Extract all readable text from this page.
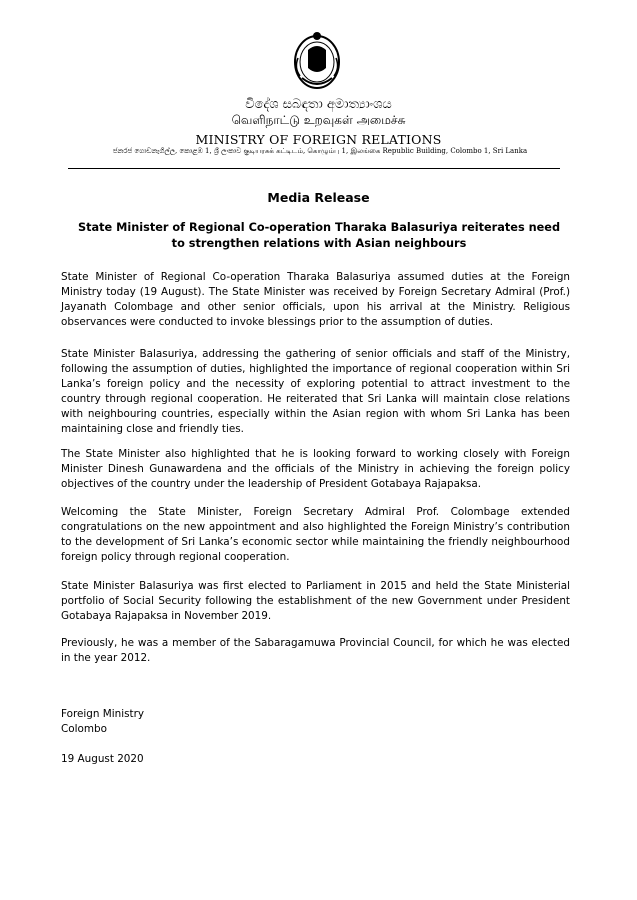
විදේශ සබඳතා අමාත්‍යාංශය
வெளிநாட்டு உறவுகள் அமைச்சு
MINISTRY OF FOREIGN RELATIONS
ජනරජ ගොඩනැගිල්ල, කොළඹ 1, ශ්‍රී ලංකාව குடியரசுக் கட்டிடம், கொழும்பு 1, இலங்கை Republic Building, Colombo 1, Sri Lanka
Media Release
State Minister of Regional Co-operation Tharaka Balasuriya reiterates need to strengthen relations with Asian neighbours

State Minister of Regional Co-operation Tharaka Balasuriya assumed duties at the Foreign Ministry today (19 August). The State Minister was received by Foreign Secretary Admiral (Prof.) Jayanath Colombage and other senior officials, upon his arrival at the Ministry. Religious observances were conducted to invoke blessings prior to the assumption of duties.

State Minister Balasuriya, addressing the gathering of senior officials and staff of the Ministry, following the assumption of duties, highlighted the importance of regional cooperation within Sri Lanka’s foreign policy and the necessity of exploring potential to attract investment to the country through regional cooperation. He reiterated that Sri Lanka will maintain close relations with neighbouring countries, especially within the Asian region with whom Sri Lanka has been maintaining close and friendly ties.

The State Minister also highlighted that he is looking forward to working closely with Foreign Minister Dinesh Gunawardena and the officials of the Ministry in achieving the foreign policy objectives of the country under the leadership of President Gotabaya Rajapaksa.

Welcoming the State Minister, Foreign Secretary Admiral Prof. Colombage extended congratulations on the new appointment and also highlighted the Foreign Ministry’s contribution to the development of Sri Lanka’s economic sector while maintaining the friendly neighbourhood foreign policy through regional cooperation.

State Minister Balasuriya was first elected to Parliament in 2015 and held the State Ministerial portfolio of Social Security following the establishment of the new Government under President Gotabaya Rajapaksa in November 2019.

Previously, he was a member of the Sabaragamuwa Provincial Council, for which he was elected in the year 2012.

Foreign Ministry
Colombo
19 August 2020
